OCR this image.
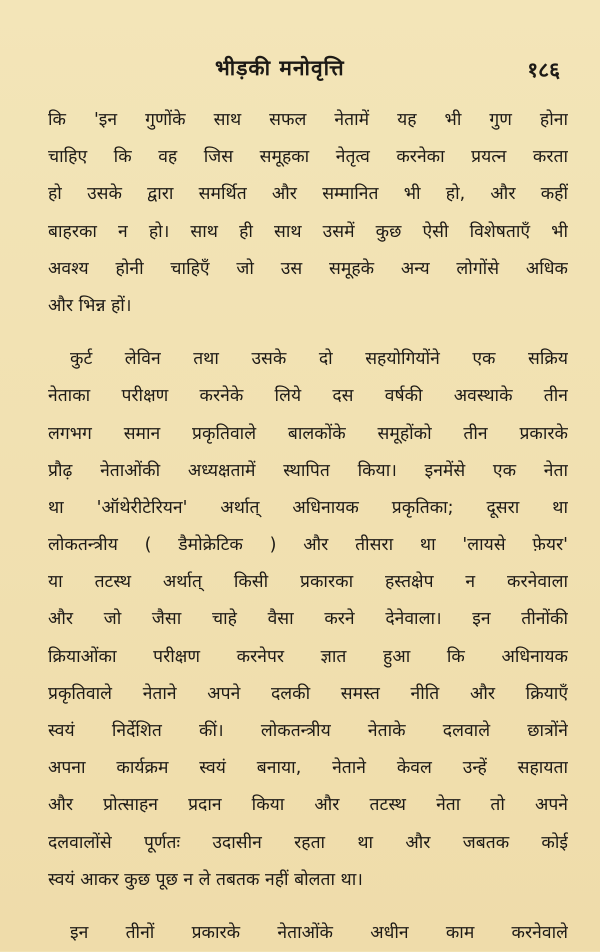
भीड़की मनोवृत्ति	१८६

कि 'इन गुणोंके साथ सफल नेतामें यह भी गुण होना
चाहिए कि वह जिस समूहका नेतृत्व करनेका प्रयत्न करता
हो उसके द्वारा समर्थित और सम्मानित भी हो, और कहीं
बाहरका न हो। साथ ही साथ उसमें कुछ ऐसी विशेषताएँ भी
अवश्य होनी चाहिएँ जो उस समूहके अन्य लोगोंसे अधिक
और भिन्न हों।

कुर्ट लेविन तथा उसके दो सहयोगियोंने एक सक्रिय
नेताका परीक्षण करनेके लिये दस वर्षकी अवस्थाके तीन
लगभग समान प्रकृतिवाले बालकोंके समूहोंको तीन प्रकारके
प्रौढ़ नेताओंकी अध्यक्षतामें स्थापित किया। इनमेंसे एक नेता
था 'ऑथेरीटेरियन' अर्थात् अधिनायक प्रकृतिका; दूसरा था
लोकतन्त्रीय ( डैमोक्रेटिक ) और तीसरा था 'लायसे फ़ेयर'
या तटस्थ अर्थात् किसी प्रकारका हस्तक्षेप न करनेवाला
और जो जैसा चाहे वैसा करने देनेवाला। इन तीनोंकी
क्रियाओंका परीक्षण करनेपर ज्ञात हुआ कि अधिनायक
प्रकृतिवाले नेताने अपने दलकी समस्त नीति और क्रियाएँ
स्वयं निर्देशित कीं। लोकतन्त्रीय नेताके दलवाले छात्रोंने
अपना कार्यक्रम स्वयं बनाया, नेताने केवल उन्हें सहायता
और प्रोत्साहन प्रदान किया और तटस्थ नेता तो अपने
दलवालोंसे पूर्णतः उदासीन रहता था और जबतक कोई
स्वयं आकर कुछ पूछ न ले तबतक नहीं बोलता था।

इन तीनों प्रकारके नेताओंके अधीन काम करनेवाले
